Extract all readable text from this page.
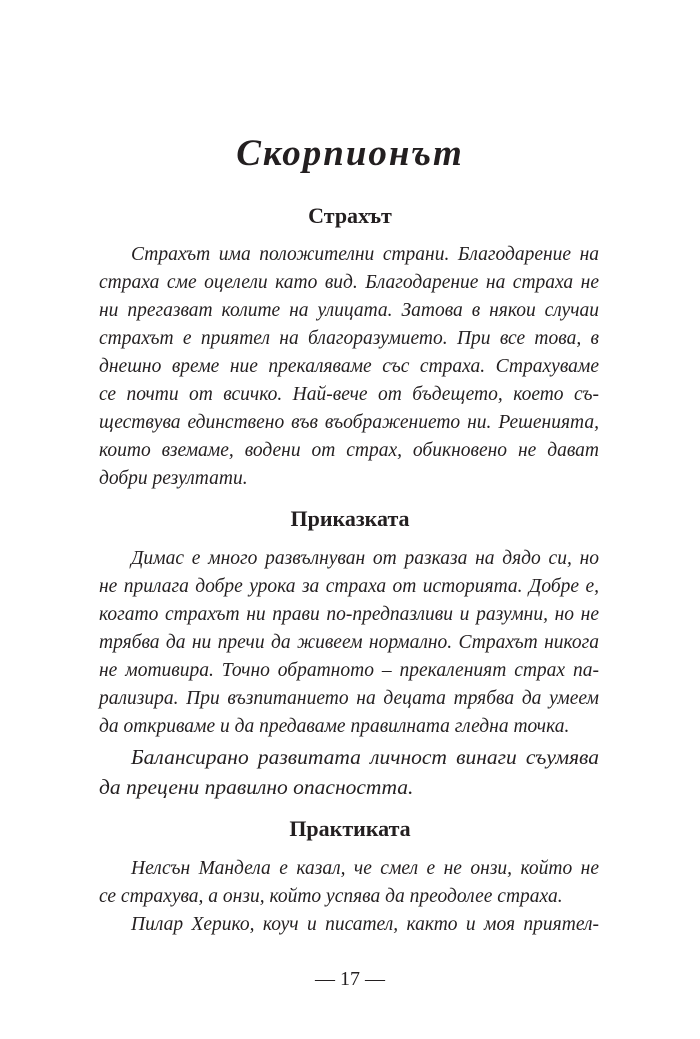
Скорпионът
Страхът
Страхът има положителни страни. Благодарение на
страха сме оцелели като вид. Благодарение на страха не
ни прегазват колите на улицата. Затова в някои случаи
страхът е приятел на благоразумието. При все това, в
днешно време ние прекаляваме със страха. Страхуваме
се почти от всичко. Най-вече от бъдещето, което съ-
ществува единствено във въображението ни. Решенията,
които вземаме, водени от страх, обикновено не дават
добри резултати.
Приказката
Димас е много развълнуван от разказа на дядо си, но
не прилага добре урока за страха от историята. Добре е,
когато страхът ни прави по-предпазливи и разумни, но не
трябва да ни пречи да живеем нормално. Страхът никога
не мотивира. Точно обратното – прекаленият страх па-
рализира. При възпитанието на децата трябва да умеем
да откриваме и да предаваме правилната гледна точка.
Балансирано развитата личност винаги съумява
да прецени правилно опасността.
Практиката
Нелсън Мандела е казал, че смел е не онзи, който не
се страхува, а онзи, който успява да преодолее страха.
Пилар Херико, коуч и писател, както и моя приятел-
— 17 —
